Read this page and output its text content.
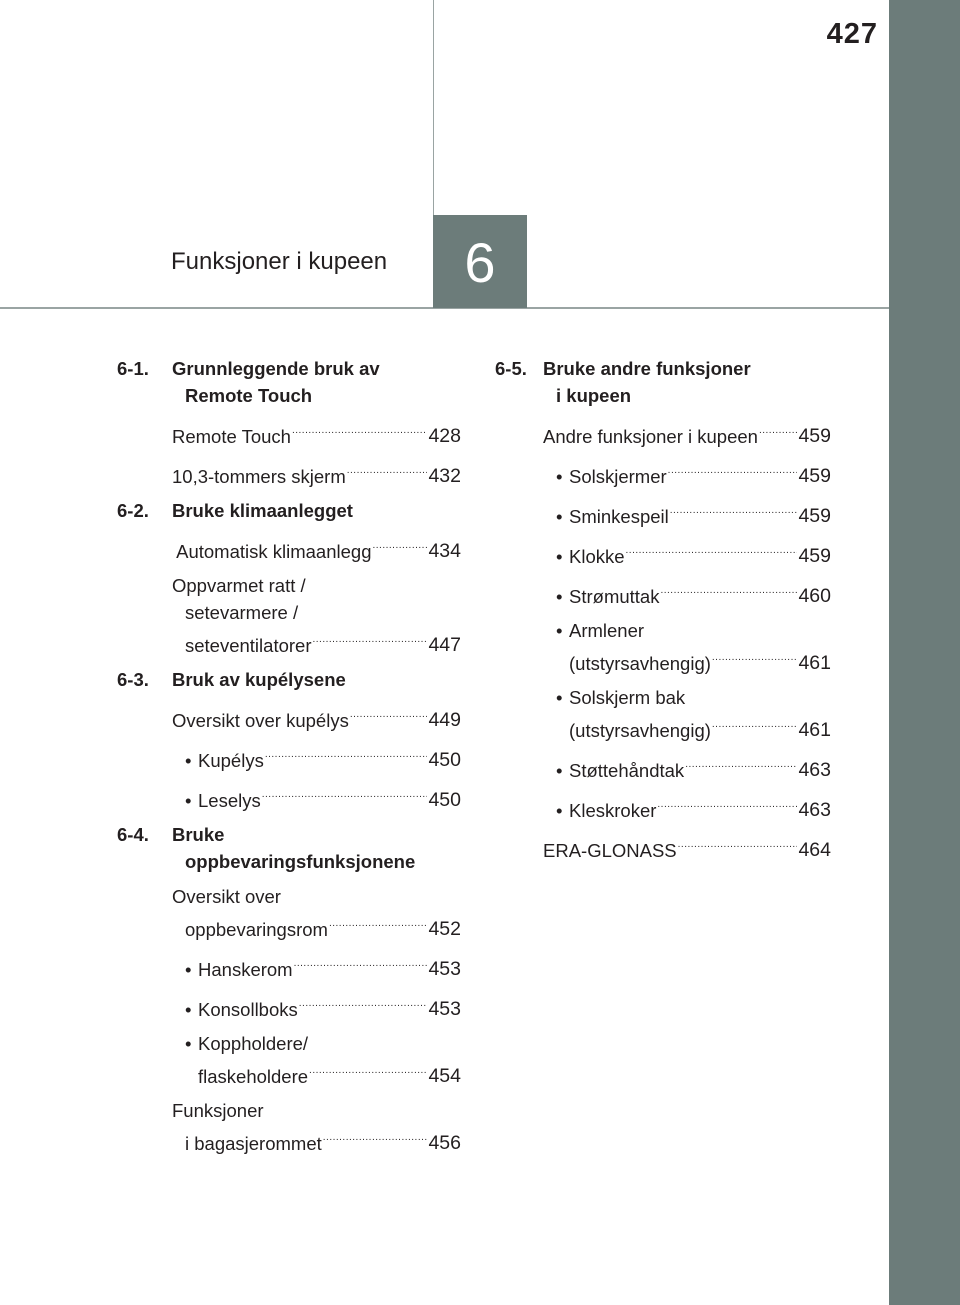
427
Funksjoner i kupeen	6
6-1.	Grunnleggende bruk av
Remote Touch
Remote Touch .....	428
10,3-tommers skjerm .....	432
6-2.	Bruke klimaanlegget
Automatisk klimaanlegg .....	434
Oppvarmet ratt /
setevarmere /
seteventilatorer .....	447
6-3.	Bruk av kupélysene
Oversikt over kupélys .....	449
• Kupélys .....	450
• Leselys .....	450
6-4.	Bruke
oppbevaringsfunksjonene
Oversikt over
oppbevaringsrom .....	452
• Hanskerom .....	453
• Konsollboks .....	453
• Koppholdere/
flaskeholdere .....	454
Funksjoner
i bagasjerommet .....	456
6-5. Bruke andre funksjoner
i kupeen
Andre funksjoner i kupeen ..... 459
• Solskjermer .....	459
• Sminkespeil .....	459
• Klokke .....	459
• Strømuttak .....	460
• Armlener
(utstyrsavhengig) .....	461
• Solskjerm bak
(utstyrsavhengig) .....	461
• Støttehåndtak .....	463
• Kleskroker .....	463
ERA-GLONASS .....	464
